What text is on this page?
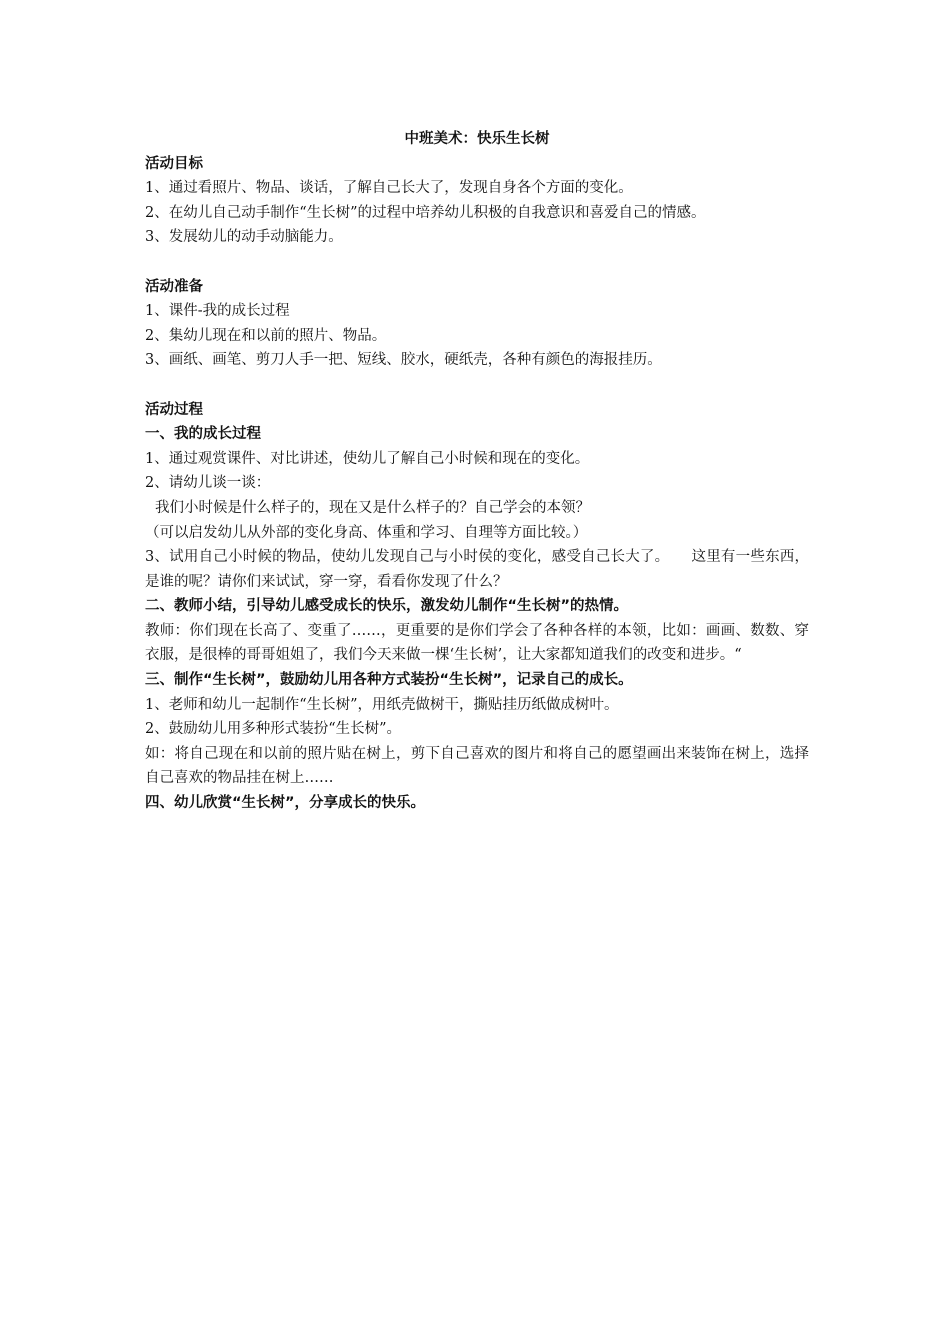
中班美术：快乐生长树
活动目标
1、通过看照片、物品、谈话，了解自己长大了，发现自身各个方面的变化。
2、在幼儿自己动手制作“生长树”的过程中培养幼儿积极的自我意识和喜爱自己的情感。
3、发展幼儿的动手动脑能力。
活动准备
1、课件-我的成长过程
2、集幼儿现在和以前的照片、物品。
3、画纸、画笔、剪刀人手一把、短线、胶水，硬纸壳，各种有颜色的海报挂历。
活动过程
一、我的成长过程
1、通过观赏课件、对比讲述，使幼儿了解自己小时候和现在的变化。
2、请幼儿谈一谈：
我们小时候是什么样子的，现在又是什么样子的？自己学会的本领？
（可以启发幼儿从外部的变化身高、体重和学习、自理等方面比较。）
3、试用自己小时候的物品，使幼儿发现自己与小时侯的变化，感受自己长大了。　　这里有一些东西，是谁的呢？请你们来试试，穿一穿，看看你发现了什么？
二、教师小结，引导幼儿感受成长的快乐，激发幼儿制作“生长树”的热情。
教师：你们现在长高了、变重了……，更重要的是你们学会了各种各样的本领，比如：画画、数数、穿衣服，是很棒的哥哥姐姐了，我们今天来做一棵‘生长树’，让大家都知道我们的改变和进步。“
三、制作“生长树”，鼓励幼儿用各种方式装扮“生长树”，记录自己的成长。
1、老师和幼儿一起制作“生长树”，用纸壳做树干，撕贴挂历纸做成树叶。
2、鼓励幼儿用多种形式装扮“生长树”。
如：将自己现在和以前的照片贴在树上，剪下自己喜欢的图片和将自己的愿望画出来装饰在树上，选择自己喜欢的物品挂在树上……
四、幼儿欣赏“生长树”，分享成长的快乐。
